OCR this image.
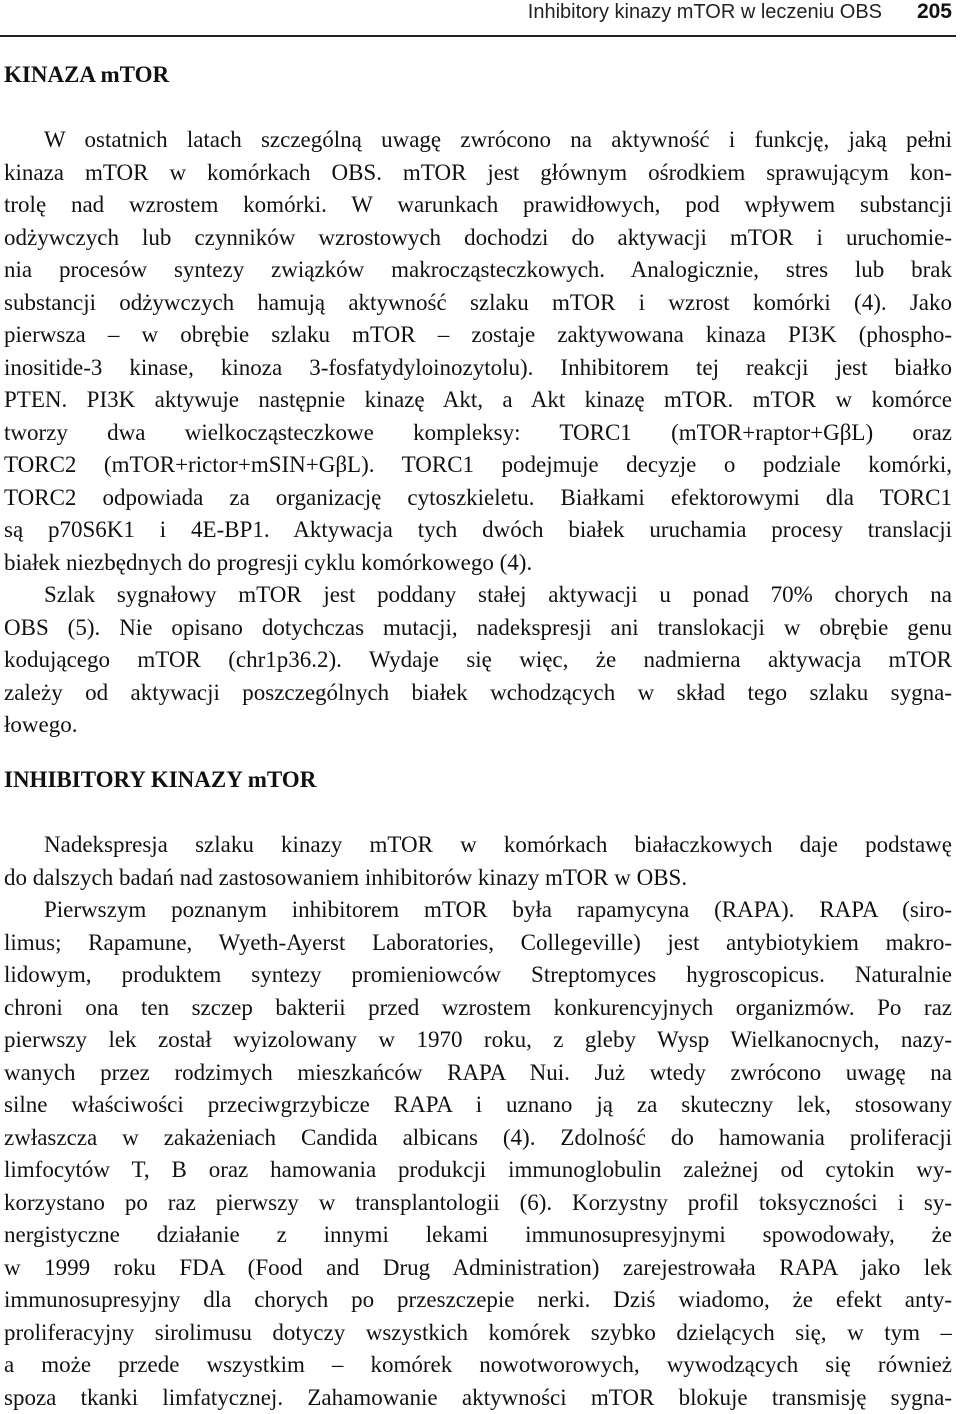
Inhibitory kinazy mTOR w leczeniu OBS 205
KINAZA mTOR
W ostatnich latach szczególną uwagę zwrócono na aktywność i funkcję, jaką pełni
kinaza mTOR w komórkach OBS. mTOR jest głównym ośrodkiem sprawującym kon-
trolę nad wzrostem komórki. W warunkach prawidłowych, pod wpływem substancji
odżywczych lub czynników wzrostowych dochodzi do aktywacji mTOR i uruchomie-
nia procesów syntezy związków makrocząsteczkowych. Analogicznie, stres lub brak
substancji odżywczych hamują aktywność szlaku mTOR i wzrost komórki (4). Jako
pierwsza – w obrębie szlaku mTOR – zostaje zaktywowana kinaza PI3K (phospho-
inositide-3 kinase, kinoza 3-fosfatydyloinozytolu). Inhibitorem tej reakcji jest białko
PTEN. PI3K aktywuje następnie kinazę Akt, a Akt kinazę mTOR. mTOR w komórce
tworzy dwa wielkocząsteczkowe kompleksy: TORC1 (mTOR+raptor+GβL) oraz
TORC2 (mTOR+rictor+mSIN+GβL). TORC1 podejmuje decyzje o podziale komórki,
TORC2 odpowiada za organizację cytoszkieletu. Białkami efektorowymi dla TORC1
są p70S6K1 i 4E-BP1. Aktywacja tych dwóch białek uruchamia procesy translacji
białek niezbędnych do progresji cyklu komórkowego (4).
Szlak sygnałowy mTOR jest poddany stałej aktywacji u ponad 70% chorych na
OBS (5). Nie opisano dotychczas mutacji, nadekspresji ani translokacji w obrębie genu
kodującego mTOR (chr1p36.2). Wydaje się więc, że nadmierna aktywacja mTOR
zależy od aktywacji poszczególnych białek wchodzących w skład tego szlaku sygna-
łowego.
INHIBITORY KINAZY mTOR
Nadekspresja szlaku kinazy mTOR w komórkach białaczkowych daje podstawę
do dalszych badań nad zastosowaniem inhibitorów kinazy mTOR w OBS.
Pierwszym poznanym inhibitorem mTOR była rapamycyna (RAPA). RAPA (siro-
limus; Rapamune, Wyeth-Ayerst Laboratories, Collegeville) jest antybiotykiem makro-
lidowym, produktem syntezy promieniowców Streptomyces hygroscopicus. Naturalnie
chroni ona ten szczep bakterii przed wzrostem konkurencyjnych organizmów. Po raz
pierwszy lek został wyizolowany w 1970 roku, z gleby Wysp Wielkanocnych, nazy-
wanych przez rodzimych mieszkańców RAPA Nui. Już wtedy zwrócono uwagę na
silne właściwości przeciwgrzybicze RAPA i uznano ją za skuteczny lek, stosowany
zwłaszcza w zakażeniach Candida albicans (4). Zdolność do hamowania proliferacji
limfocytów T, B oraz hamowania produkcji immunoglobulin zależnej od cytokin wy-
korzystano po raz pierwszy w transplantologii (6). Korzystny profil toksyczności i sy-
nergistyczne działanie z innymi lekami immunosupresyjnymi spowodowały, że
w 1999 roku FDA (Food and Drug Administration) zarejestrowała RAPA jako lek
immunosupresyjny dla chorych po przeszczepie nerki. Dziś wiadomo, że efekt anty-
proliferacyjny sirolimusu dotyczy wszystkich komórek szybko dzielących się, w tym –
a może przede wszystkim – komórek nowotworowych, wywodzących się również
spoza tkanki limfatycznej. Zahamowanie aktywności mTOR blokuje transmisję sygna-
